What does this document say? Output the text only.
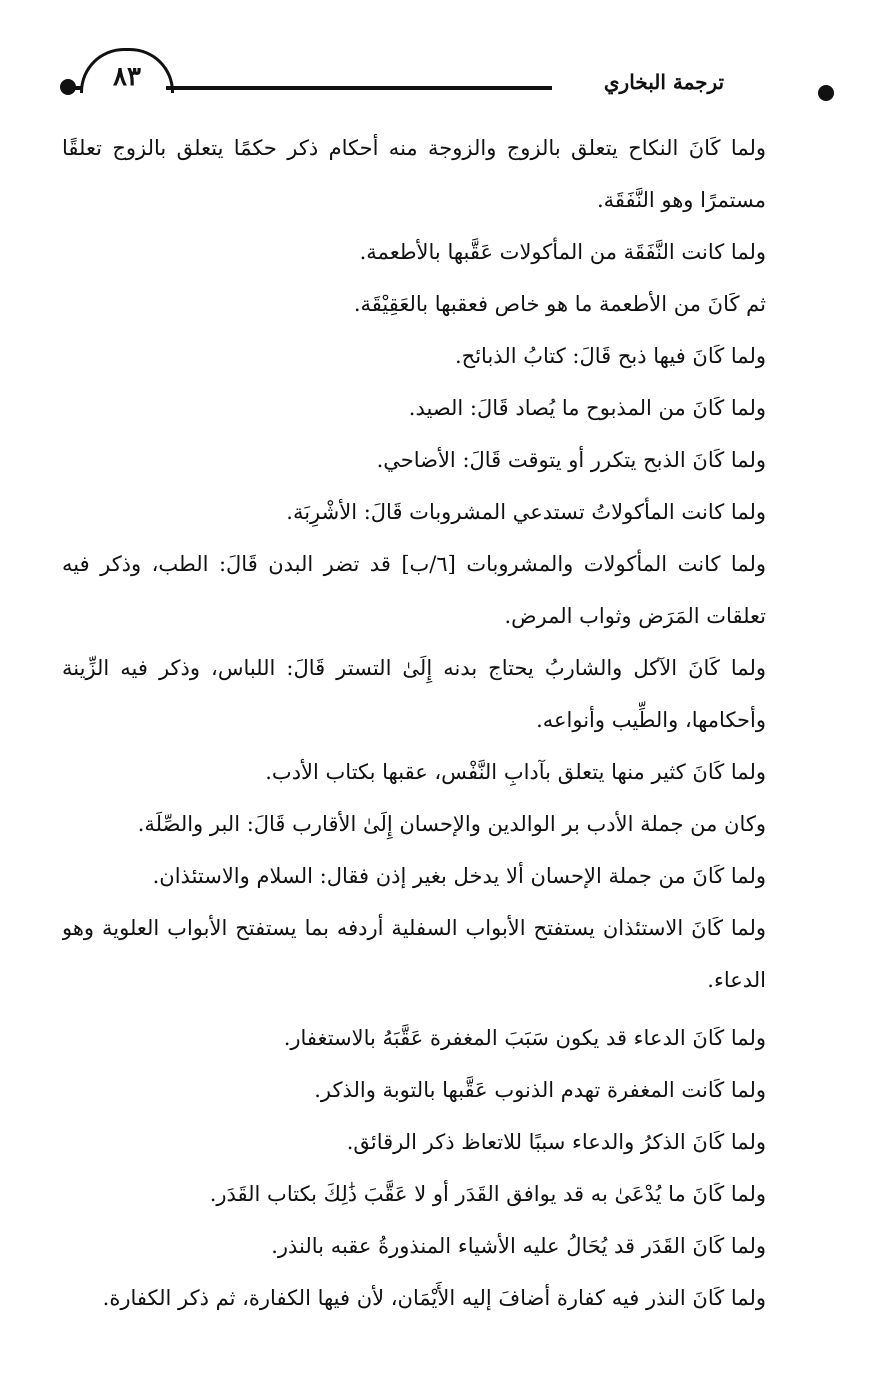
٨٣	ترجمة البخاري

ولما كَانَ النكاح يتعلق بالزوج والزوجة منه أحكام ذكر حكمًا يتعلق بالزوج تعلقًا مستمرًا وهو النَّفَقَة.

ولما كانت النَّفَقَة من المأكولات عَقَّبها بالأطعمة.

ثم كَانَ من الأطعمة ما هو خاص فعقبها بالعَقِيْقَة.

ولما كَانَ فيها ذبح قَالَ: كتابُ الذبائح.

ولما كَانَ من المذبوح ما يُصاد قَالَ: الصيد.

ولما كَانَ الذبح يتكرر أو يتوقت قَالَ: الأضاحي.

ولما كانت المأكولاتُ تستدعي المشروبات قَالَ: الأشْرِبَة.

ولما كانت المأكولات والمشروبات [٦/ب] قد تضر البدن قَالَ: الطب، وذكر فيه تعلقات المَرَض وثواب المرض.

ولما كَانَ الآكل والشاربُ يحتاج بدنه إِلَىٰ التستر قَالَ: اللباس، وذكر فيه الزِّينة وأحكامها، والطِّيب وأنواعه.

ولما كَانَ كثير منها يتعلق بآدابِ النَّفْس، عقبها بكتاب الأدب.

وكان من جملة الأدب بر الوالدين والإحسان إِلَىٰ الأقارب قَالَ: البر والصِّلَة.

ولما كَانَ من جملة الإحسان ألا يدخل بغير إذن فقال: السلام والاستئذان.

ولما كَانَ الاستئذان يستفتح الأبواب السفلية أردفه بما يستفتح الأبواب العلوية وهو الدعاء.

ولما كَانَ الدعاء قد يكون سَبَبَ المغفرة عَقَّبَهُ بالاستغفار.

ولما كَانت المغفرة تهدم الذنوب عَقَّبها بالتوبة والذكر.

ولما كَانَ الذكرُ والدعاء سببًا للاتعاظ ذكر الرقائق.

ولما كَانَ ما يُدْعَىٰ به قد يوافق القَدَر أو لا عَقَّبَ ذَٰلِكَ بكتاب القَدَر.

ولما كَانَ القَدَر قد يُحَالُ عليه الأشياء المنذورةُ عقبه بالنذر.

ولما كَانَ النذر فيه كفارة أضافَ إليه الأَيْمَان، لأن فيها الكفارة، ثم ذكر الكفارة.
